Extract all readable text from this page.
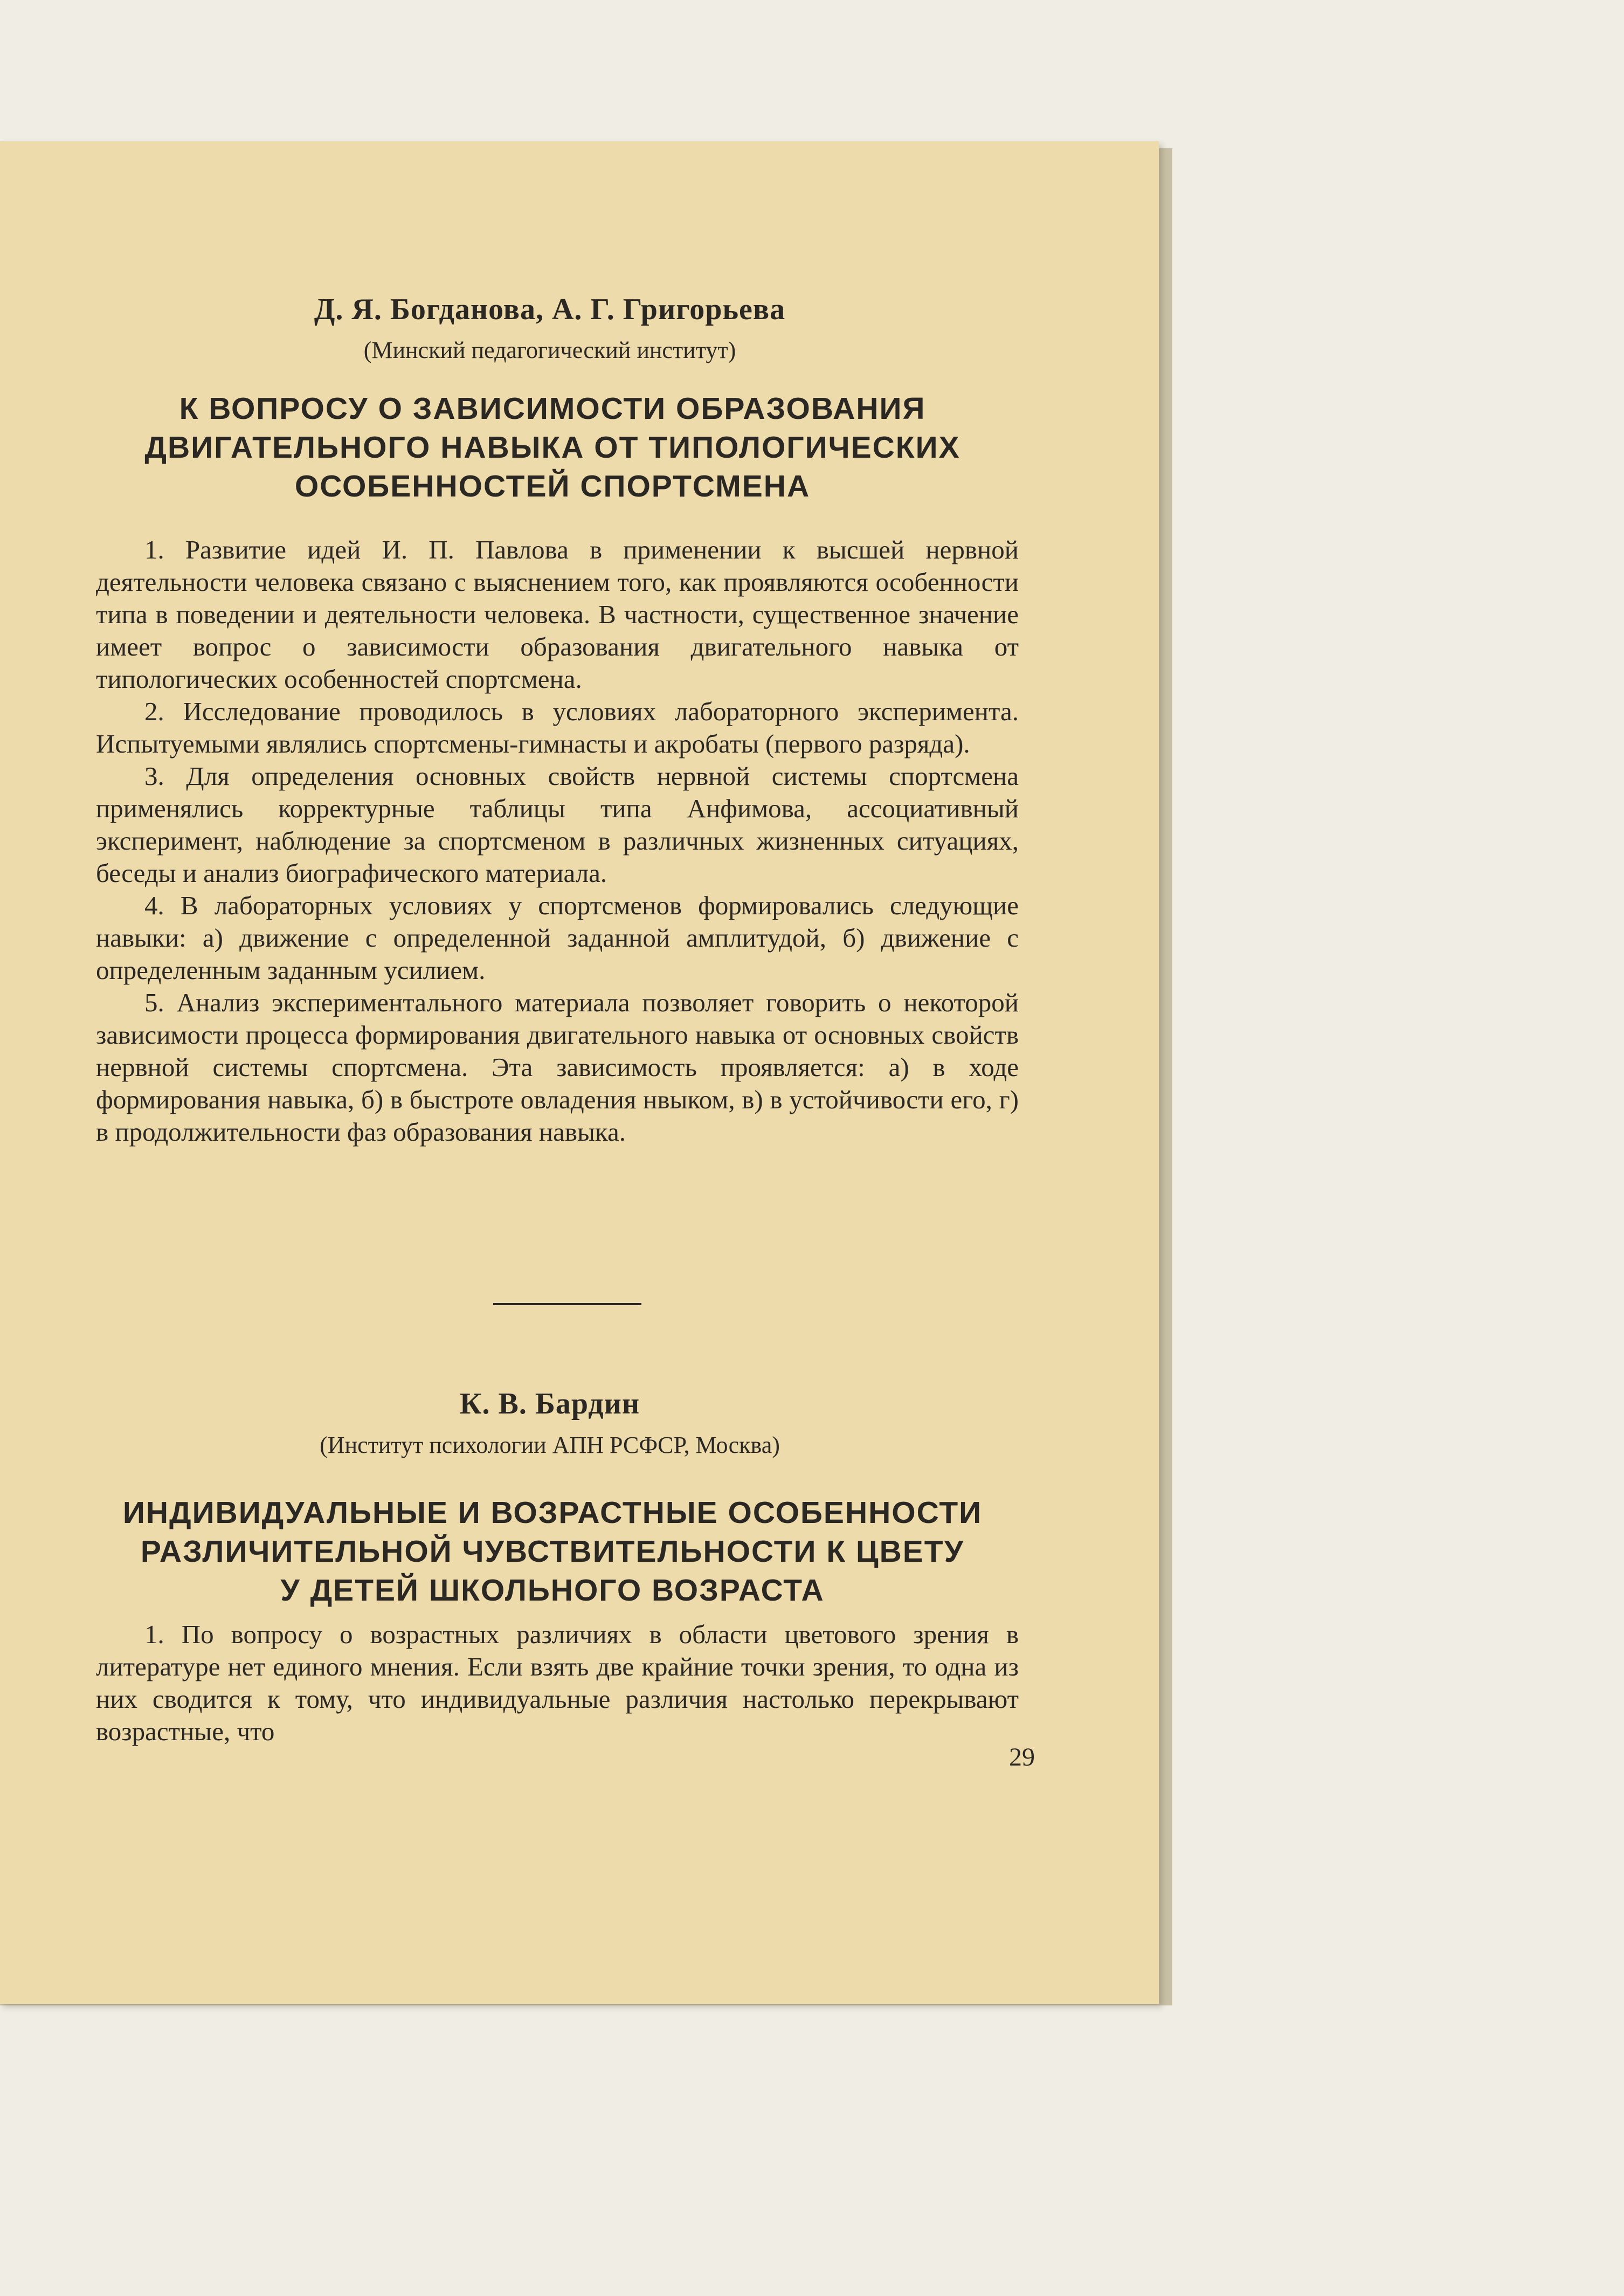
Д. Я. Богданова, А. Г. Григорьева
(Минский педагогический институт)
К ВОПРОСУ О ЗАВИСИМОСТИ ОБРАЗОВАНИЯ
ДВИГАТЕЛЬНОГО НАВЫКА ОТ ТИПОЛОГИЧЕСКИХ
ОСОБЕННОСТЕЙ СПОРТСМЕНА

1. Развитие идей И. П. Павлова в применении к высшей нервной деятельности человека связано с выяснением того, как проявляются особенности типа в поведении и деятельности человека. В частности, существенное значение имеет вопрос о зависимости образования двигательного навыка от типологических особенностей спортсмена.

2. Исследование проводилось в условиях лабораторного эксперимента. Испытуемыми являлись спортсмены-гимнасты и акробаты (первого разряда).

3. Для определения основных свойств нервной системы спортсмена применялись корректурные таблицы типа Анфимова, ассоциативный эксперимент, наблюдение за спортсменом в различных жизненных ситуациях, беседы и анализ биографического материала.

4. В лабораторных условиях у спортсменов формировались следующие навыки: а) движение с определенной заданной амплитудой, б) движение с определенным заданным усилием.

5. Анализ экспериментального материала позволяет говорить о некоторой зависимости процесса формирования двигательного навыка от основных свойств нервной системы спортсмена. Эта зависимость проявляется: а) в ходе формирования навыка, б) в быстроте овладения нвыком, в) в устойчивости его, г) в продолжительности фаз образования навыка.

К. В. Бардин
(Институт психологии АПН РСФСР, Москва)
ИНДИВИДУАЛЬНЫЕ И ВОЗРАСТНЫЕ ОСОБЕННОСТИ
РАЗЛИЧИТЕЛЬНОЙ ЧУВСТВИТЕЛЬНОСТИ К ЦВЕТУ
У ДЕТЕЙ ШКОЛЬНОГО ВОЗРАСТА

1. По вопросу о возрастных различиях в области цветового зрения в литературе нет единого мнения. Если взять две крайние точки зрения, то одна из них сводится к тому, что индивидуальные различия настолько перекрывают возрастные, что

29
